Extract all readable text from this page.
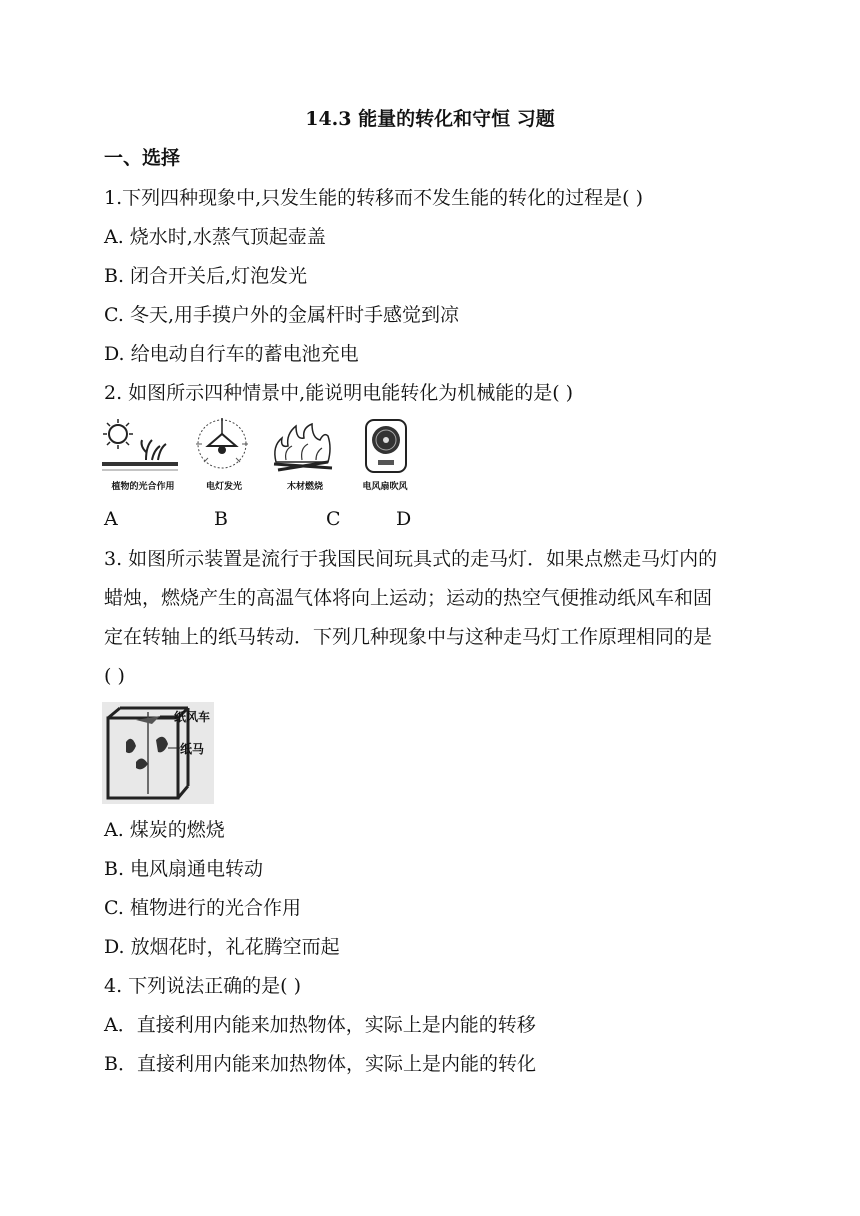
14.3 能量的转化和守恒 习题
一、选择
1.下列四种现象中,只发生能的转移而不发生能的转化的过程是( )
A. 烧水时,水蒸气顶起壶盖
B. 闭合开关后,灯泡发光
C. 冬天,用手摸户外的金属杆时手感觉到凉
D. 给电动自行车的蓄电池充电
2. 如图所示四种情景中,能说明电能转化为机械能的是( )
植物的光合作用	电灯发光	木材燃烧	电风扇吹风
A	B	C	D
3. 如图所示装置是流行于我国民间玩具式的走马灯．如果点燃走马灯内的
蜡烛，燃烧产生的高温气体将向上运动；运动的热空气便推动纸风车和固
定在转轴上的纸马转动．下列几种现象中与这种走马灯工作原理相同的是
( )
纸风车
纸马
A. 煤炭的燃烧
B. 电风扇通电转动
C. 植物进行的光合作用
D. 放烟花时，礼花腾空而起
4. 下列说法正确的是( )
A．直接利用内能来加热物体，实际上是内能的转移
B．直接利用内能来加热物体，实际上是内能的转化
